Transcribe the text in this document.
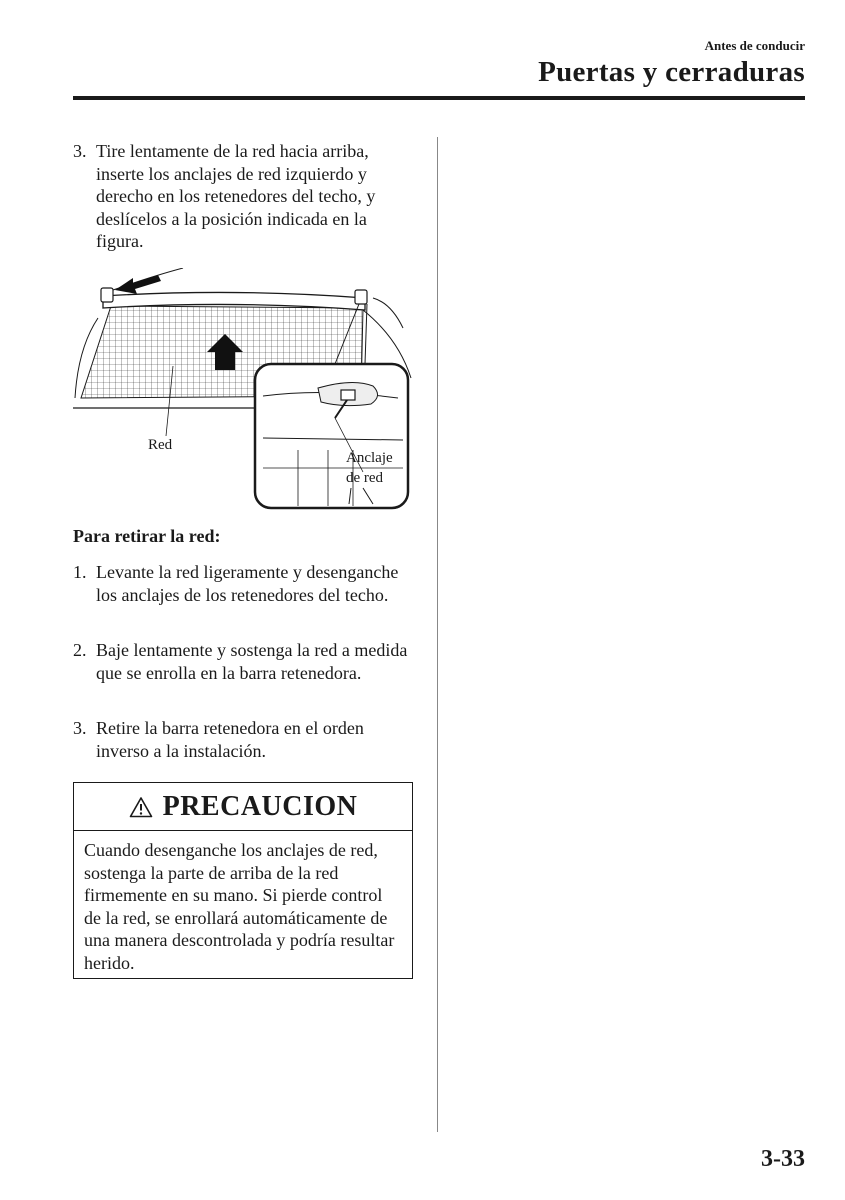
Antes de conducir
Puertas y cerraduras
3. Tire lentamente de la red hacia arriba, inserte los anclajes de red izquierdo y derecho en los retenedores del techo, y deslícelos a la posición indicada en la figura.
Red
Anclaje
de red
Para retirar la red:
1. Levante la red ligeramente y desenganche los anclajes de los retenedores del techo.
2. Baje lentamente y sostenga la red a medida que se enrolla en la barra retenedora.
3. Retire la barra retenedora en el orden inverso a la instalación.
PRECAUCION
Cuando desenganche los anclajes de red, sostenga la parte de arriba de la red firmemente en su mano. Si pierde control de la red, se enrollará automáticamente de una manera descontrolada y podría resultar herido.
3-33
